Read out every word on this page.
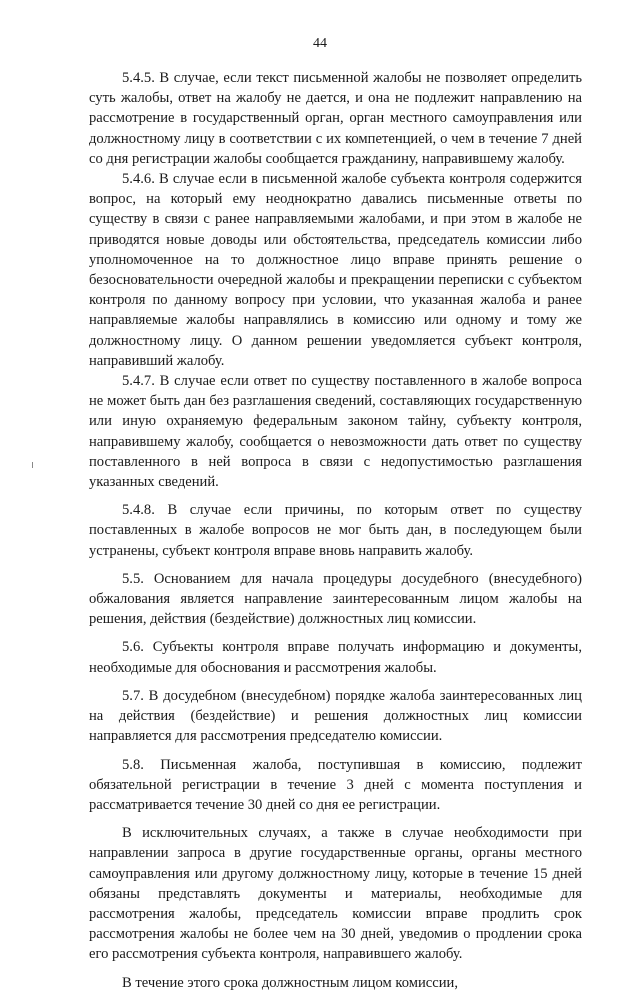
44

5.4.5. В случае, если текст письменной жалобы не позволяет определить суть жалобы, ответ на жалобу не дается, и она не подлежит направлению на рассмотрение в государственный орган, орган местного самоуправления или должностному лицу в соответствии с их компетенцией, о чем в течение 7 дней со дня регистрации жалобы сообщается гражданину, направившему жалобу.

5.4.6. В случае если в письменной жалобе субъекта контроля содержится вопрос, на который ему неоднократно давались письменные ответы по существу в связи с ранее направляемыми жалобами, и при этом в жалобе не приводятся новые доводы или обстоятельства, председатель комиссии либо уполномоченное на то должностное лицо вправе принять решение о безосновательности очередной жалобы и прекращении переписки с субъектом контроля по данному вопросу при условии, что указанная жалоба и ранее направляемые жалобы направлялись в комиссию или одному и тому же должностному лицу. О данном решении уведомляется субъект контроля, направивший жалобу.

5.4.7. В случае если ответ по существу поставленного в жалобе вопроса не может быть дан без разглашения сведений, составляющих государственную или иную охраняемую федеральным законом тайну, субъекту контроля, направившему жалобу, сообщается о невозможности дать ответ по существу поставленного в ней вопроса в связи с недопустимостью разглашения указанных сведений.

5.4.8. В случае если причины, по которым ответ по существу поставленных в жалобе вопросов не мог быть дан, в последующем были устранены, субъект контроля вправе вновь направить жалобу.

5.5. Основанием для начала процедуры досудебного (внесудебного) обжалования является направление заинтересованным лицом жалобы на решения, действия (бездействие) должностных лиц комиссии.

5.6. Субъекты контроля вправе получать информацию и документы, необходимые для обоснования и рассмотрения жалобы.

5.7. В досудебном (внесудебном) порядке жалоба заинтересованных лиц на действия (бездействие) и решения должностных лиц комиссии направляется для рассмотрения председателю комиссии.

5.8. Письменная жалоба, поступившая в комиссию, подлежит обязательной регистрации в течение 3 дней с момента поступления и рассматривается течение 30 дней со дня ее регистрации.

В исключительных случаях, а также в случае необходимости при направлении запроса в другие государственные органы, органы местного самоуправления или другому должностному лицу, которые в течение 15 дней обязаны представлять документы и материалы, необходимые для рассмотрения жалобы, председатель комиссии вправе продлить срок рассмотрения жалобы не более чем на 30 дней, уведомив о продлении срока его рассмотрения субъекта контроля, направившего жалобу.

В течение этого срока должностным лицом комиссии,
